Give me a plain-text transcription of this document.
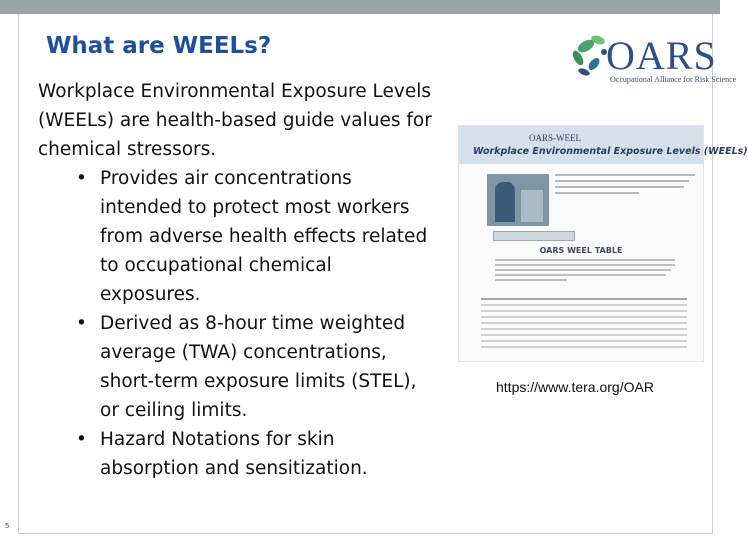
What are WEELs?

Workplace Environmental Exposure Levels (WEELs) are health-based guide values for chemical stressors.

• Provides air concentrations intended to protect most workers from adverse health effects related to occupational chemical exposures.
• Derived as 8-hour time weighted average (TWA) concentrations, short-term exposure limits (STEL), or ceiling limits.
• Hazard Notations for skin absorption and sensitization.
OARS
Occupational Alliance for Risk Science
OARS-WEEL
Workplace Environmental Exposure Levels (WEELs)
OARS WEEL TABLE
https://www.tera.org/OAR
5
